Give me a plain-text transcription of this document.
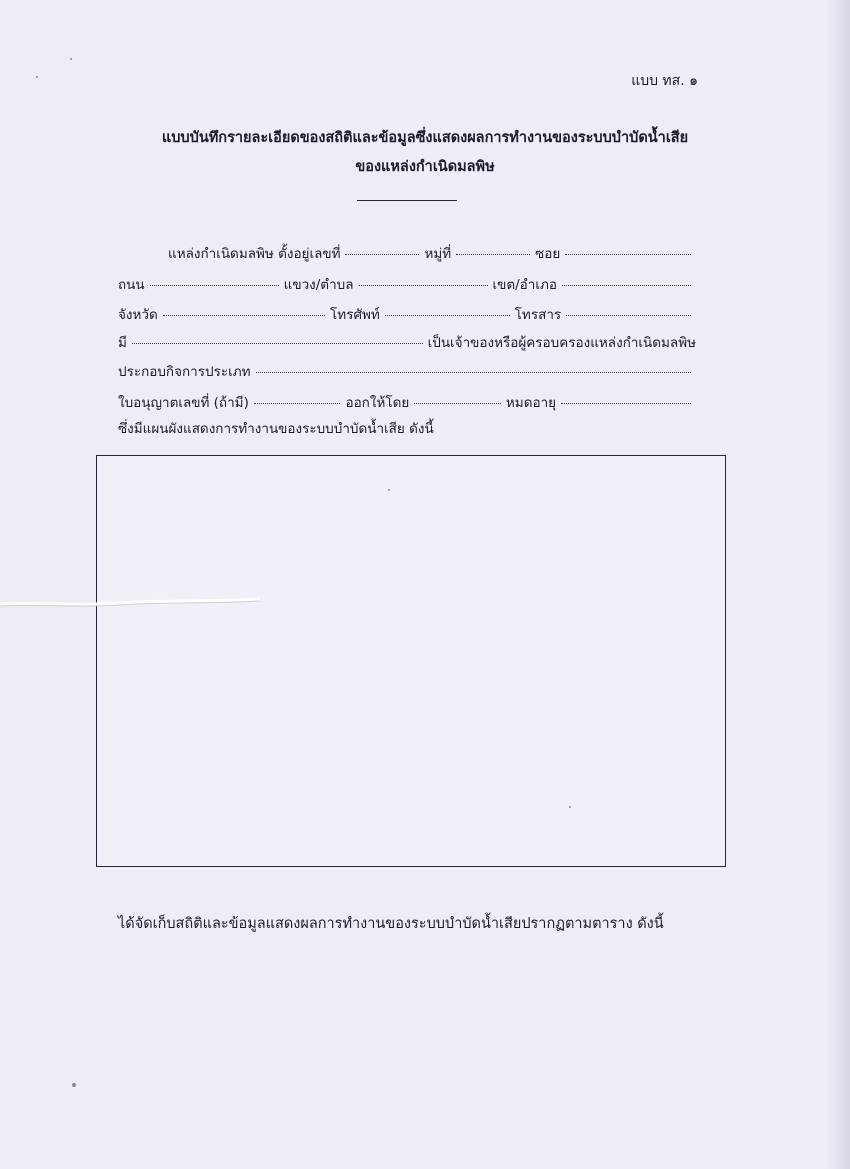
แบบ ทส. ๑
แบบบันทึกรายละเอียดของสถิติและข้อมูลซึ่งแสดงผลการทำงานของระบบบำบัดน้ำเสีย
ของแหล่งกำเนิดมลพิษ
แหล่งกำเนิดมลพิษ ตั้งอยู่เลขที่	หมู่ที่	ซอย
ถนน	แขวง/ตำบล	เขต/อำเภอ
จังหวัด	โทรศัพท์	โทรสาร
มี	เป็นเจ้าของหรือผู้ครอบครองแหล่งกำเนิดมลพิษ
ประกอบกิจการประเภท
ใบอนุญาตเลขที่ (ถ้ามี)	ออกให้โดย	หมดอายุ
ซึ่งมีแผนผังแสดงการทำงานของระบบบำบัดน้ำเสีย ดังนี้
ได้จัดเก็บสถิติและข้อมูลแสดงผลการทำงานของระบบบำบัดน้ำเสียปรากฏตามตาราง ดังนี้
